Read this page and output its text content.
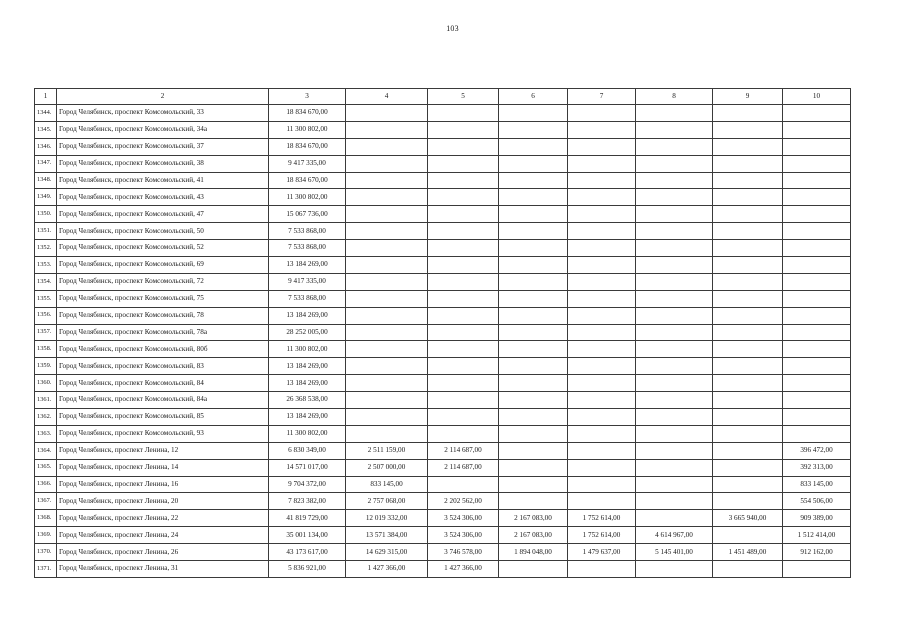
103
1	2	3	4	5	6	7	8	9	10
1344.	Город Челябинск, проспект Комсомольский, 33	18 834 670,00							
1345.	Город Челябинск, проспект Комсомольский, 34а	11 300 802,00							
1346.	Город Челябинск, проспект Комсомольский, 37	18 834 670,00							
1347.	Город Челябинск, проспект Комсомольский, 38	9 417 335,00							
1348.	Город Челябинск, проспект Комсомольский, 41	18 834 670,00							
1349.	Город Челябинск, проспект Комсомольский, 43	11 300 802,00							
1350.	Город Челябинск, проспект Комсомольский, 47	15 067 736,00							
1351.	Город Челябинск, проспект Комсомольский, 50	7 533 868,00							
1352.	Город Челябинск, проспект Комсомольский, 52	7 533 868,00							
1353.	Город Челябинск, проспект Комсомольский, 69	13 184 269,00							
1354.	Город Челябинск, проспект Комсомольский, 72	9 417 335,00							
1355.	Город Челябинск, проспект Комсомольский, 75	7 533 868,00							
1356.	Город Челябинск, проспект Комсомольский, 78	13 184 269,00							
1357.	Город Челябинск, проспект Комсомольский, 78а	28 252 005,00							
1358.	Город Челябинск, проспект Комсомольский, 80б	11 300 802,00							
1359.	Город Челябинск, проспект Комсомольский, 83	13 184 269,00							
1360.	Город Челябинск, проспект Комсомольский, 84	13 184 269,00							
1361.	Город Челябинск, проспект Комсомольский, 84а	26 368 538,00							
1362.	Город Челябинск, проспект Комсомольский, 85	13 184 269,00							
1363.	Город Челябинск, проспект Комсомольский, 93	11 300 802,00							
1364.	Город Челябинск, проспект Ленина, 12	6 830 349,00	2 511 159,00	2 114 687,00					396 472,00
1365.	Город Челябинск, проспект Ленина, 14	14 571 017,00	2 507 000,00	2 114 687,00					392 313,00
1366.	Город Челябинск, проспект Ленина, 16	9 704 372,00	833 145,00						833 145,00
1367.	Город Челябинск, проспект Ленина, 20	7 823 382,00	2 757 068,00	2 202 562,00					554 506,00
1368.	Город Челябинск, проспект Ленина, 22	41 819 729,00	12 019 332,00	3 524 306,00	2 167 083,00	1 752 614,00		3 665 940,00	909 389,00
1369.	Город Челябинск, проспект Ленина, 24	35 001 134,00	13 571 384,00	3 524 306,00	2 167 083,00	1 752 614,00	4 614 967,00		1 512 414,00
1370.	Город Челябинск, проспект Ленина, 26	43 173 617,00	14 629 315,00	3 746 578,00	1 894 048,00	1 479 637,00	5 145 401,00	1 451 489,00	912 162,00
1371.	Город Челябинск, проспект Ленина, 31	5 836 921,00	1 427 366,00	1 427 366,00					
